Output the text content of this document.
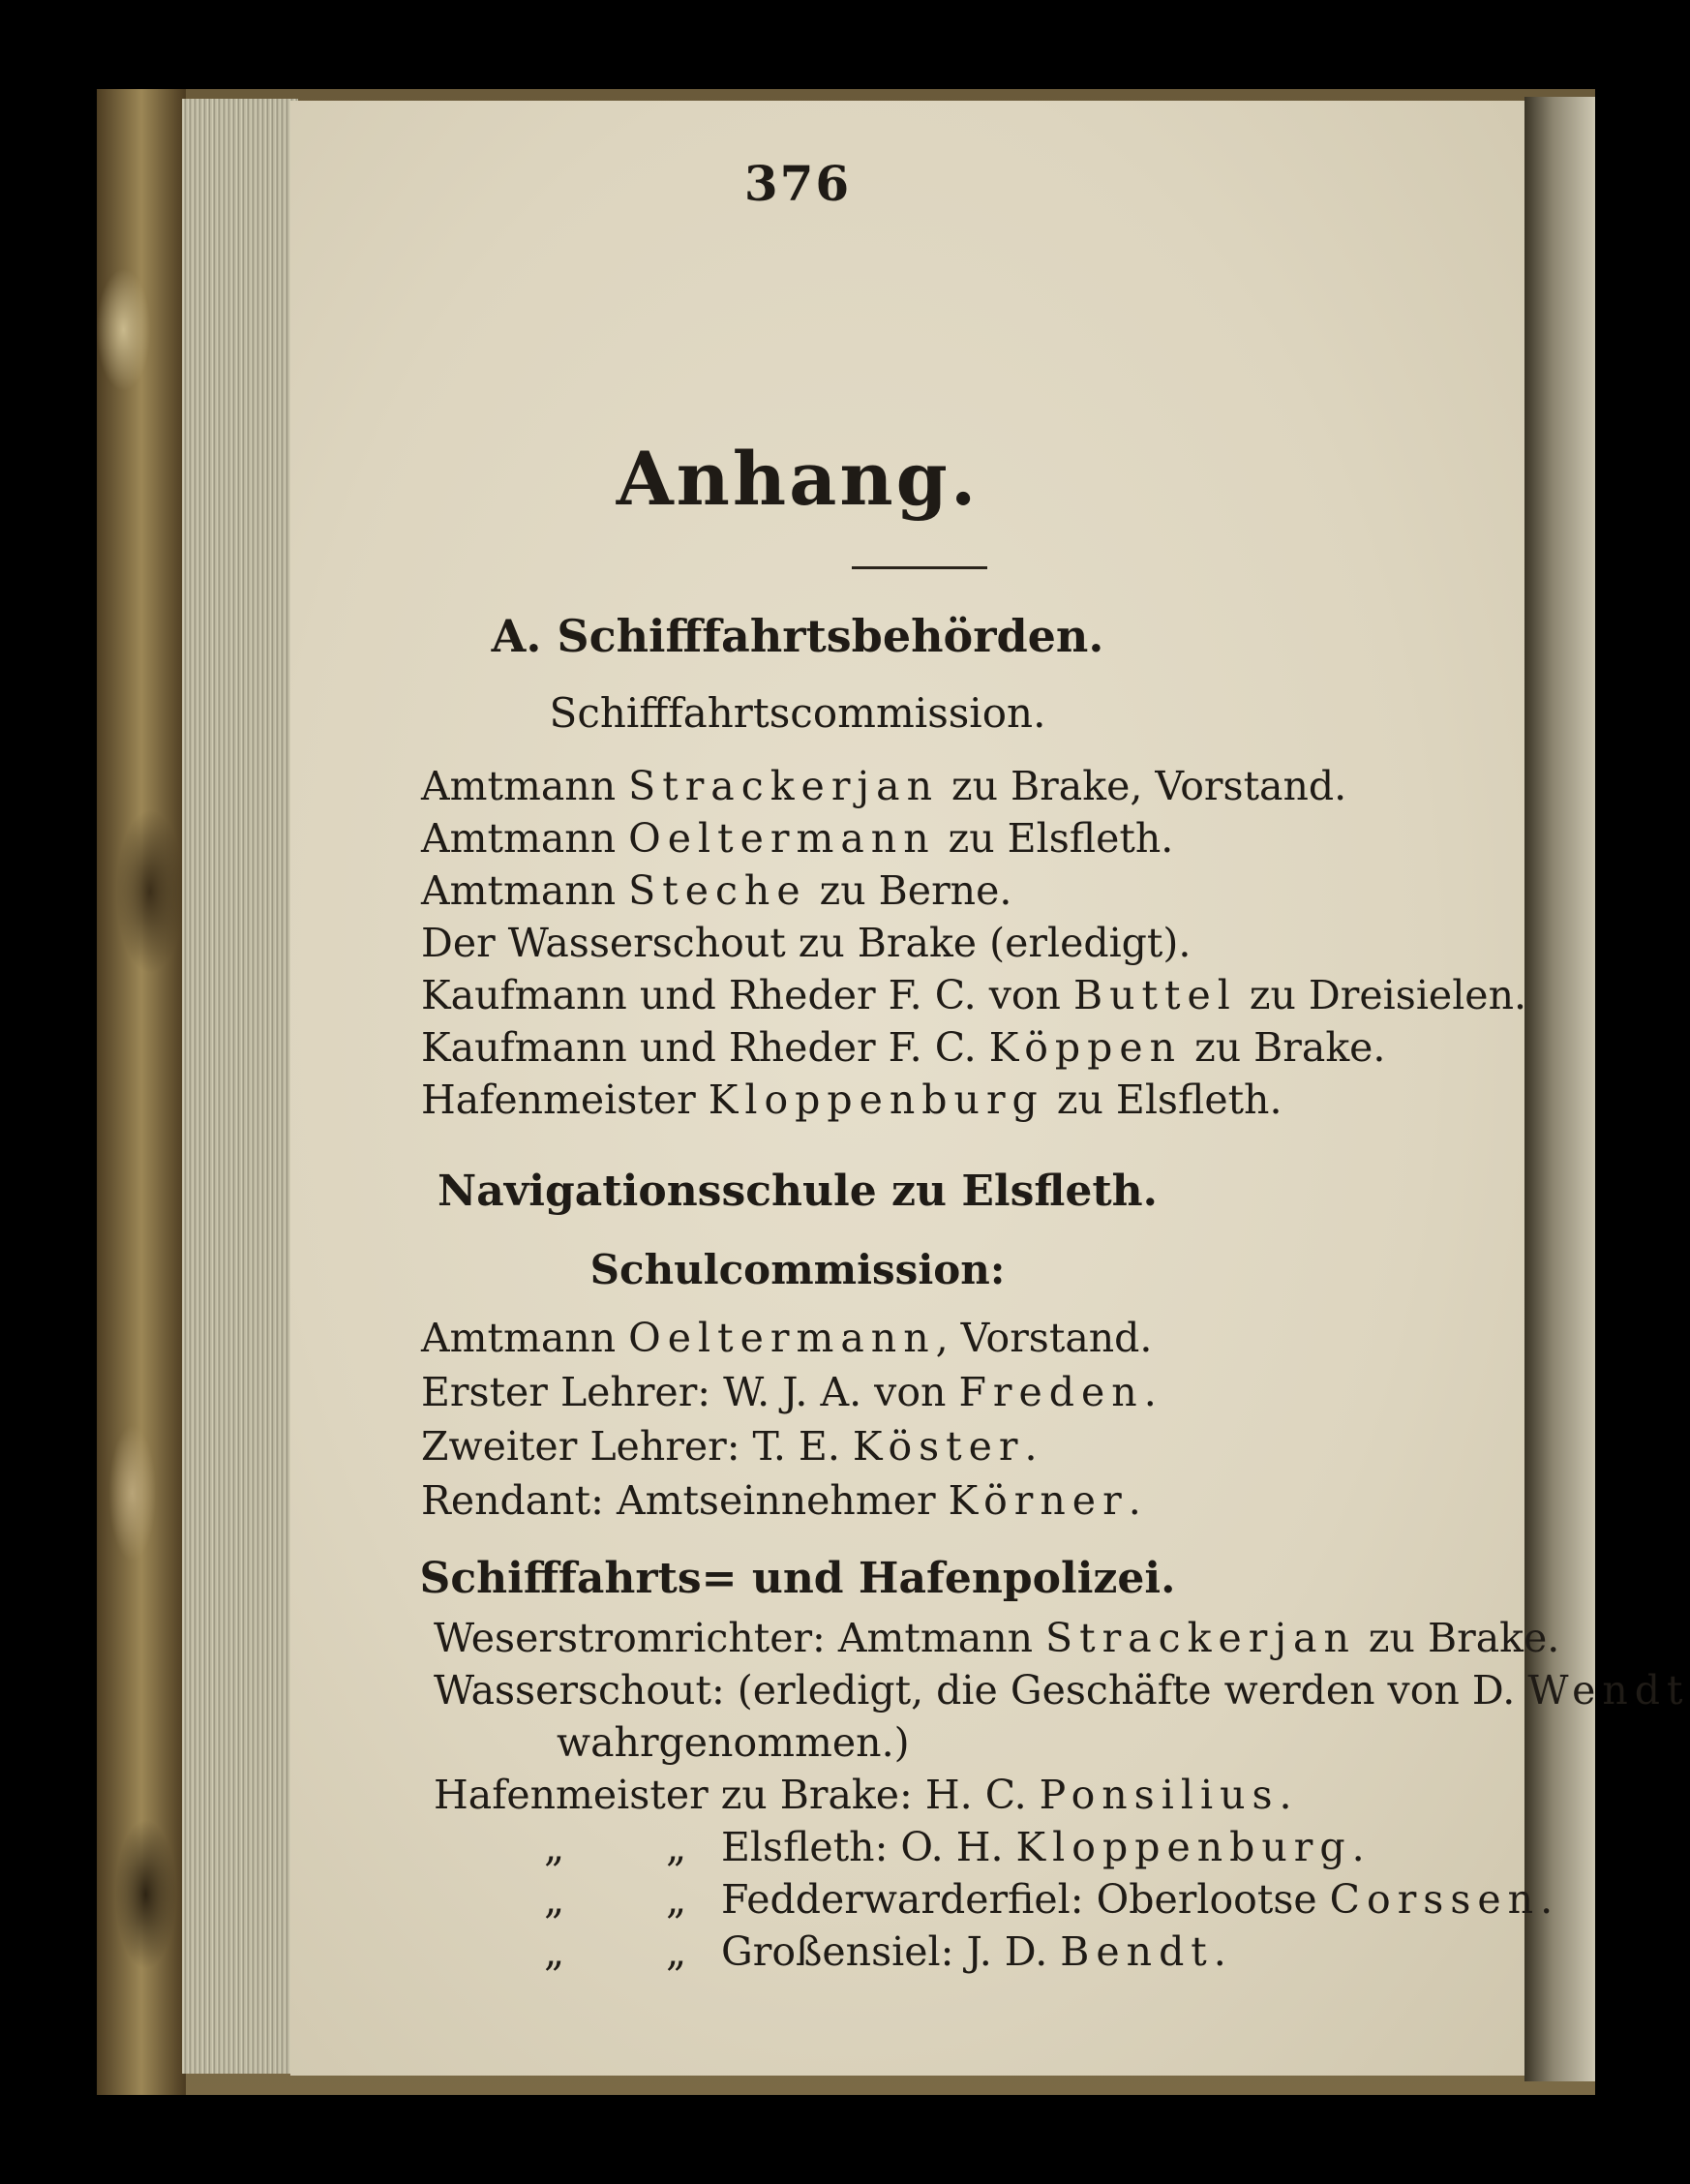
376
Anhang.
A. Schifffahrtsbehörden.
Schifffahrtscommission.
Amtmann Strackerjan zu Brake, Vorstand.
Amtmann Oeltermann zu Elsfleth.
Amtmann Steche zu Berne.
Der Wasserschout zu Brake (erledigt).
Kaufmann und Rheder F. C. von Buttel zu Dreisielen.
Kaufmann und Rheder F. C. Köppen zu Brake.
Hafenmeister Kloppenburg zu Elsfleth.
Navigationsschule zu Elsfleth.
Schulcommission:
Amtmann Oeltermann, Vorstand.
Erster Lehrer: W. J. A. von Freden.
Zweiter Lehrer: T. E. Köster.
Rendant: Amtseinnehmer Körner.
Schifffahrts= und Hafenpolizei.
Weserstromrichter: Amtmann Strackerjan zu Brake.
Wasserschout: (erledigt, die Geschäfte werden von D. Wendt
wahrgenommen.)
Hafenmeister zu Brake: H. C. Ponsilius.
„	„ Elsfleth: O. H. Kloppenburg.
„	„ Fedderwarderfiel: Oberlootse Corssen.
„	„ Großensiel: J. D. Bendt.
